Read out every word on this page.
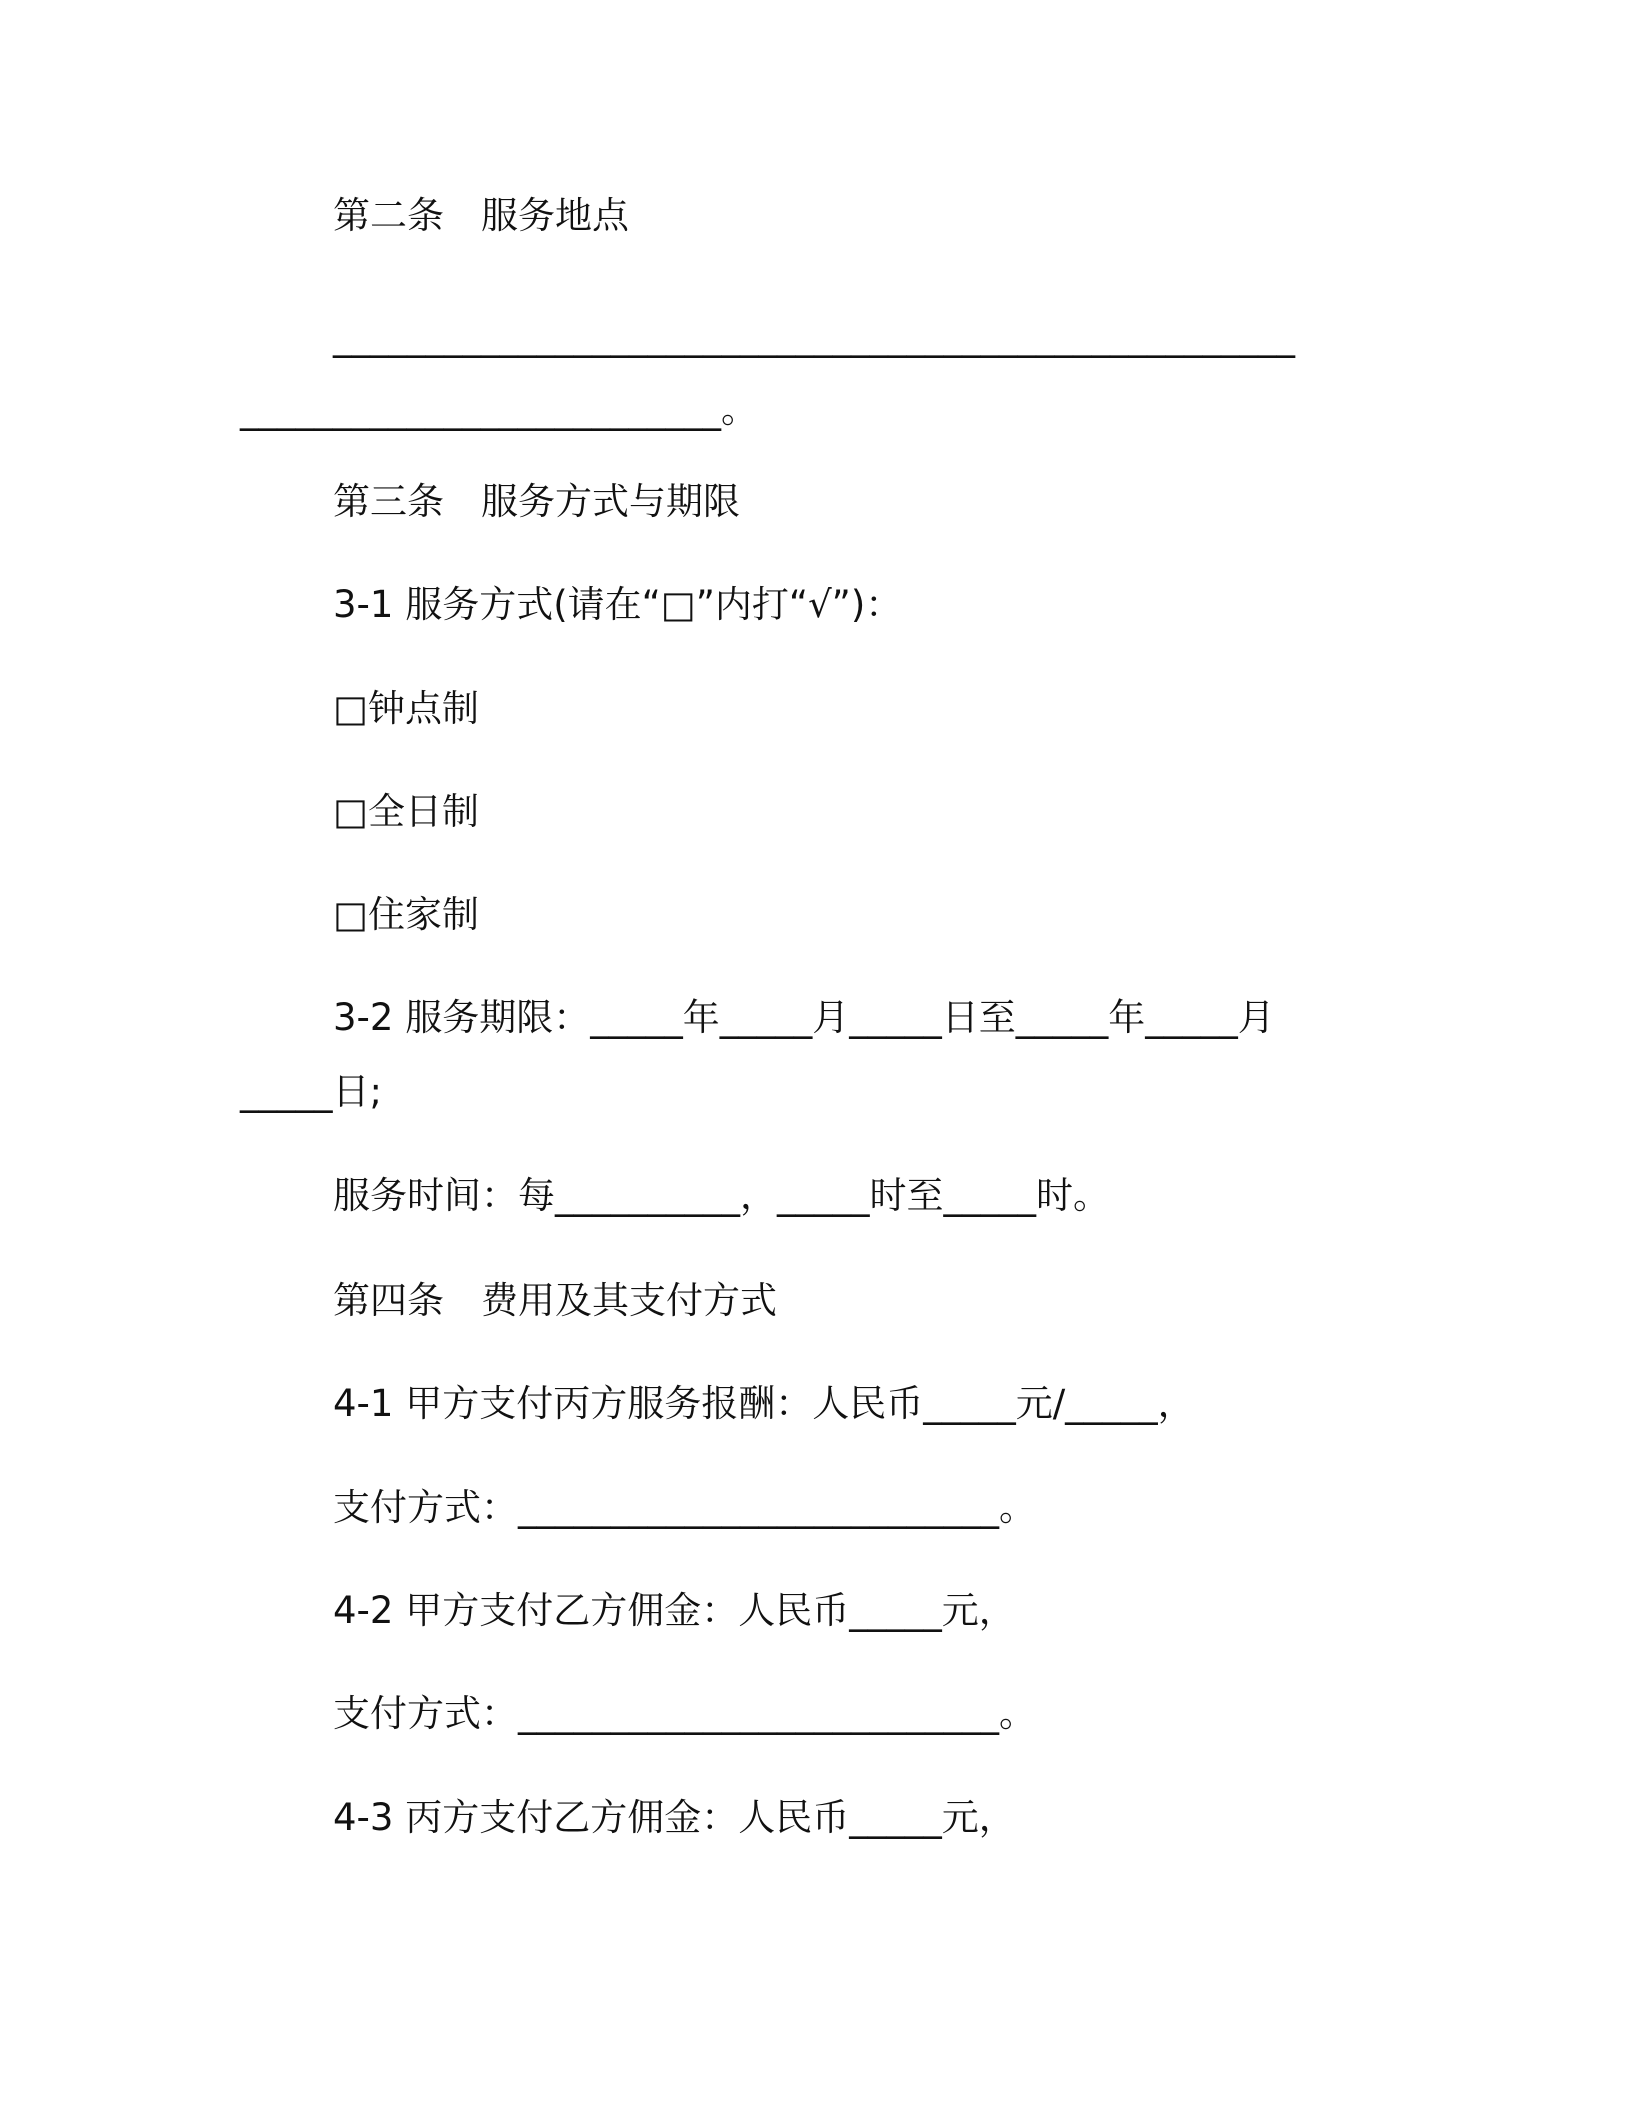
第二条　服务地点
____________________________________________________
__________________________。
第三条　服务方式与期限
3-1 服务方式(请在“□”内打“√”)：
□钟点制
□全日制
□住家制
3-2 服务期限：_____年_____月_____日至_____年_____月
_____日;
服务时间：每__________，_____时至_____时。
第四条　费用及其支付方式
4-1 甲方支付丙方服务报酬：人民币_____元/_____，
支付方式：__________________________。
4-2 甲方支付乙方佣金：人民币_____元，
支付方式：__________________________。
4-3 丙方支付乙方佣金：人民币_____元，
